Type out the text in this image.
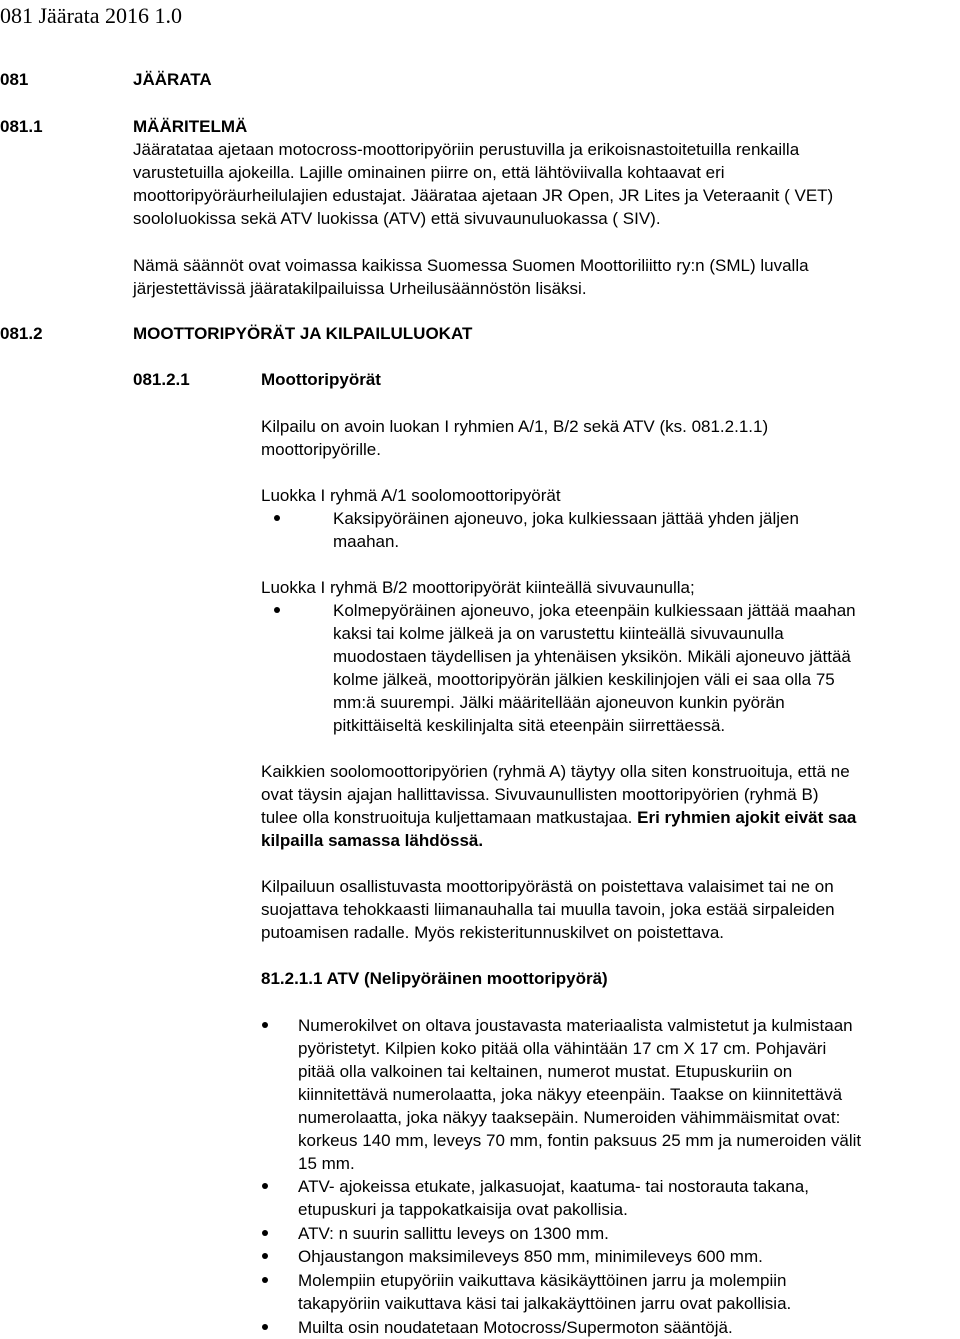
081 Jäärata 2016 1.0
081	JÄÄRATA
081.1	MÄÄRITELMÄ
Jääratataa ajetaan motocross-moottoripyöriin perustuvilla ja erikoisnastoitetuilla renkailla
varustetuilla ajokeilla. Lajille ominainen piirre on, että lähtöviivalla kohtaavat eri
moottoripyöräurheilulajien edustajat. Jäärataa ajetaan JR Open, JR Lites ja Veteraanit ( VET)
sooloIuokissa sekä ATV luokissa (ATV) että sivuvaunuluokassa ( SIV).
Nämä säännöt ovat voimassa kaikissa Suomessa Suomen Moottoriliitto ry:n (SML) luvalla
järjestettävissä jääratakilpailuissa Urheilusäännöstön lisäksi.
081.2	MOOTTORIPYÖRÄT JA KILPAILULUOKAT
081.2.1	Moottoripyörät
Kilpailu on avoin luokan I ryhmien A/1, B/2 sekä ATV (ks. 081.2.1.1)
moottoripyörille.
Luokka I ryhmä A/1 soolomoottoripyörät
Kaksipyöräinen ajoneuvo, joka kulkiessaan jättää yhden jäljen
maahan.
Luokka I ryhmä B/2 moottoripyörät kiinteällä sivuvaunulla;
Kolmepyöräinen ajoneuvo, joka eteenpäin kulkiessaan jättää maahan
kaksi tai kolme jälkeä ja on varustettu kiinteällä sivuvaunulla
muodostaen täydellisen ja yhtenäisen yksikön. Mikäli ajoneuvo jättää
kolme jälkeä, moottoripyörän jälkien keskilinjojen väli ei saa olla 75
mm:ä suurempi. Jälki määritellään ajoneuvon kunkin pyörän
pitkittäiseltä keskilinjalta sitä eteenpäin siirrettäessä.
Kaikkien soolomoottoripyörien (ryhmä A) täytyy olla siten konstruoituja, että ne
ovat täysin ajajan hallittavissa. Sivuvaunullisten moottoripyörien (ryhmä B)
tulee olla konstruoituja kuljettamaan matkustajaa. Eri ryhmien ajokit eivät saa
kilpailla samassa lähdössä.
Kilpailuun osallistuvasta moottoripyörästä on poistettava valaisimet tai ne on
suojattava tehokkaasti liimanauhalla tai muulla tavoin, joka estää sirpaleiden
putoamisen radalle. Myös rekisteritunnuskilvet on poistettava.
81.2.1.1 ATV (Nelipyöräinen moottoripyörä)
Numerokilvet on oltava joustavasta materiaalista valmistetut ja kulmistaan
pyöristetyt. Kilpien koko pitää olla vähintään 17 cm X 17 cm. Pohjaväri
pitää olla valkoinen tai keltainen, numerot mustat. Etupuskuriin on
kiinnitettävä numerolaatta, joka näkyy eteenpäin. Taakse on kiinnitettävä
numerolaatta, joka näkyy taaksepäin. Numeroiden vähimmäismitat ovat:
korkeus 140 mm, leveys 70 mm, fontin paksuus 25 mm ja numeroiden välit
15 mm.
ATV- ajokeissa etukate, jalkasuojat, kaatuma- tai nostorauta takana,
etupuskuri ja tappokatkaisija ovat pakollisia.
ATV: n suurin sallittu leveys on 1300 mm.
Ohjaustangon maksimileveys 850 mm, minimileveys 600 mm.
Molempiin etupyöriin vaikuttava käsikäyttöinen jarru ja molempiin
takapyöriin vaikuttava käsi tai jalkakäyttöinen jarru ovat pakollisia.
Muilta osin noudatetaan Motocross/Supermoton sääntöjä.
